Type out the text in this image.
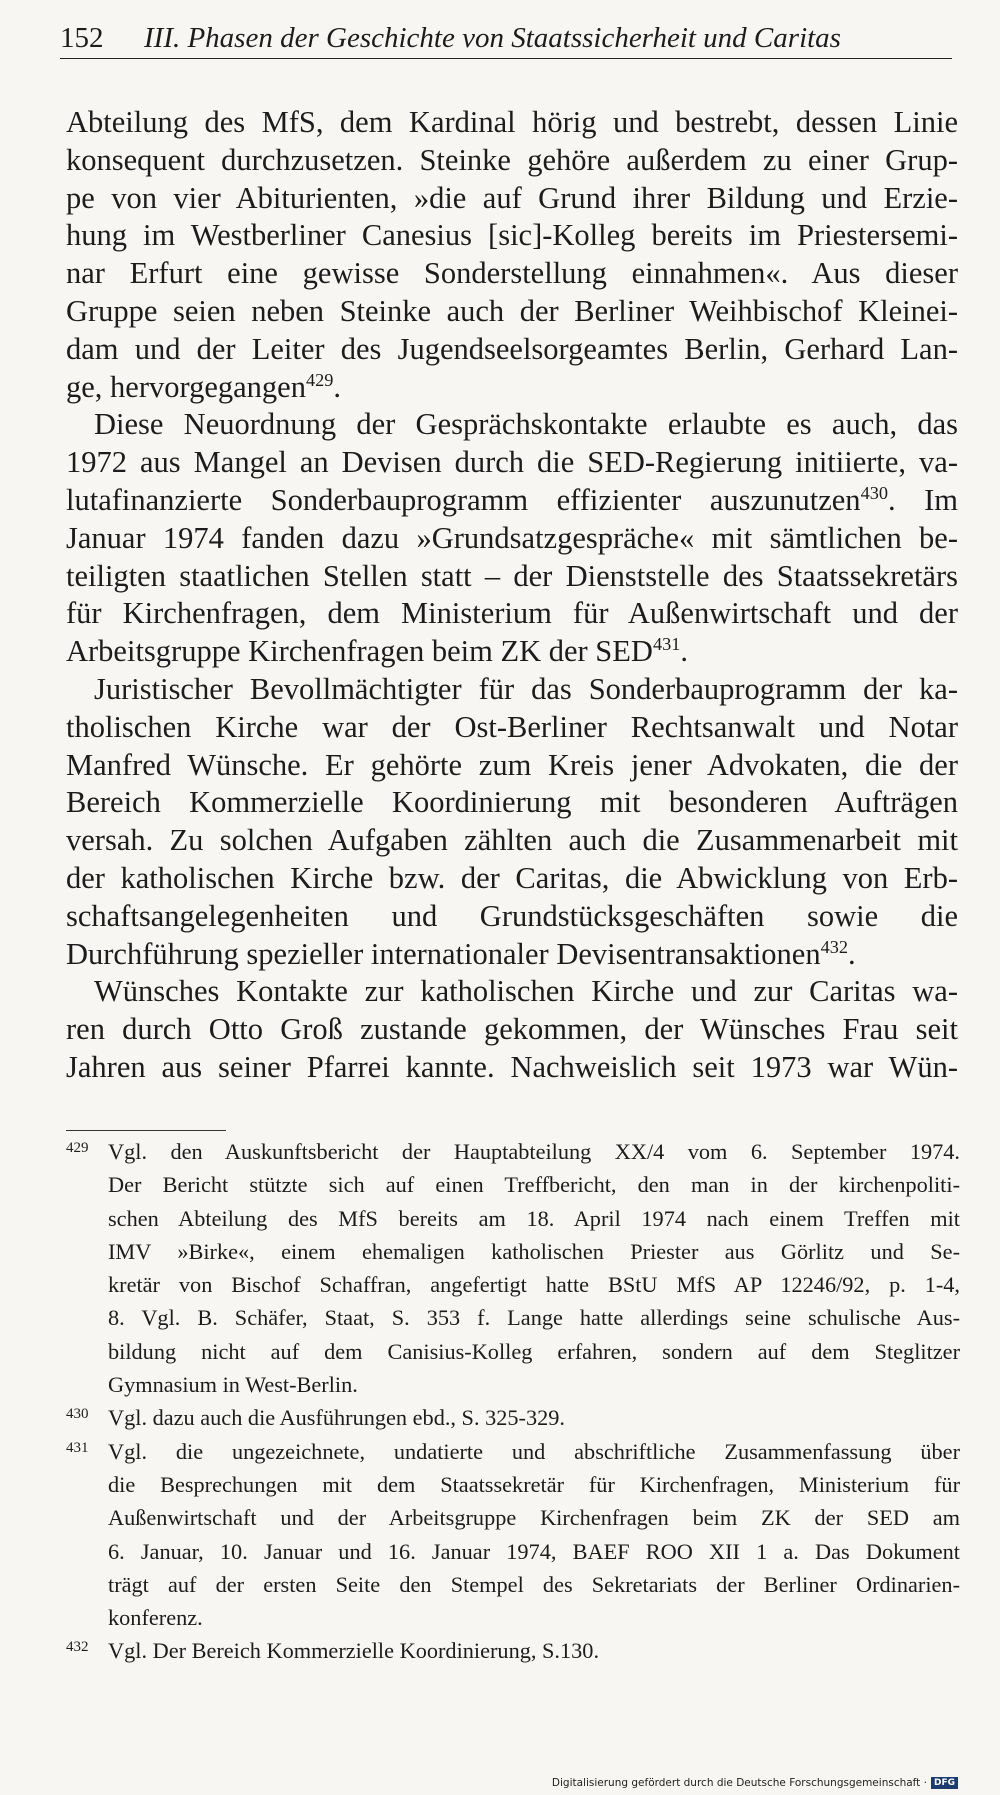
152 III. Phasen der Geschichte von Staatssicherheit und Caritas
Abteilung des MfS, dem Kardinal hörig und bestrebt, dessen Linie
konsequent durchzusetzen. Steinke gehöre außerdem zu einer Grup-
pe von vier Abiturienten, »die auf Grund ihrer Bildung und Erzie-
hung im Westberliner Canesius [sic]-Kolleg bereits im Priestersemi-
nar Erfurt eine gewisse Sonderstellung einnahmen«. Aus dieser
Gruppe seien neben Steinke auch der Berliner Weihbischof Kleinei-
dam und der Leiter des Jugendseelsorgeamtes Berlin, Gerhard Lan-
ge, hervorgegangen$^{429}$.
Diese Neuordnung der Gesprächskontakte erlaubte es auch, das
1972 aus Mangel an Devisen durch die SED-Regierung initiierte, va-
lutafinanzierte Sonderbauprogramm effizienter auszunutzen$^{430}$. Im
Januar 1974 fanden dazu »Grundsatzgespräche« mit sämtlichen be-
teiligten staatlichen Stellen statt – der Dienststelle des Staatssekretärs
für Kirchenfragen, dem Ministerium für Außenwirtschaft und der
Arbeitsgruppe Kirchenfragen beim ZK der SED$^{431}$.
Juristischer Bevollmächtigter für das Sonderbauprogramm der ka-
tholischen Kirche war der Ost-Berliner Rechtsanwalt und Notar
Manfred Wünsche. Er gehörte zum Kreis jener Advokaten, die der
Bereich Kommerzielle Koordinierung mit besonderen Aufträgen
versah. Zu solchen Aufgaben zählten auch die Zusammenarbeit mit
der katholischen Kirche bzw. der Caritas, die Abwicklung von Erb-
schaftsangelegenheiten und Grundstücksgeschäften sowie die
Durchführung spezieller internationaler Devisentransaktionen$^{432}$.
Wünsches Kontakte zur katholischen Kirche und zur Caritas wa-
ren durch Otto Groß zustande gekommen, der Wünsches Frau seit
Jahren aus seiner Pfarrei kannte. Nachweislich seit 1973 war Wün-
429 Vgl. den Auskunftsbericht der Hauptabteilung XX/4 vom 6. September 1974.
Der Bericht stützte sich auf einen Treffbericht, den man in der kirchenpoliti-
schen Abteilung des MfS bereits am 18. April 1974 nach einem Treffen mit
IMV »Birke«, einem ehemaligen katholischen Priester aus Görlitz und Se-
kretär von Bischof Schaffran, angefertigt hatte BStU MfS AP 12246/92, p. 1-4,
8. Vgl. B. Schäfer, Staat, S. 353 f. Lange hatte allerdings seine schulische Aus-
bildung nicht auf dem Canisius-Kolleg erfahren, sondern auf dem Steglitzer
Gymnasium in West-Berlin.
430 Vgl. dazu auch die Ausführungen ebd., S. 325-329.
431 Vgl. die ungezeichnete, undatierte und abschriftliche Zusammenfassung über
die Besprechungen mit dem Staatssekretär für Kirchenfragen, Ministerium für
Außenwirtschaft und der Arbeitsgruppe Kirchenfragen beim ZK der SED am
6. Januar, 10. Januar und 16. Januar 1974, BAEF ROO XII 1 a. Das Dokument
trägt auf der ersten Seite den Stempel des Sekretariats der Berliner Ordinarien-
konferenz.
432 Vgl. Der Bereich Kommerzielle Koordinierung, S.130.
Digitalisierung gefördert durch die Deutsche Forschungsgemeinschaft · DFG
